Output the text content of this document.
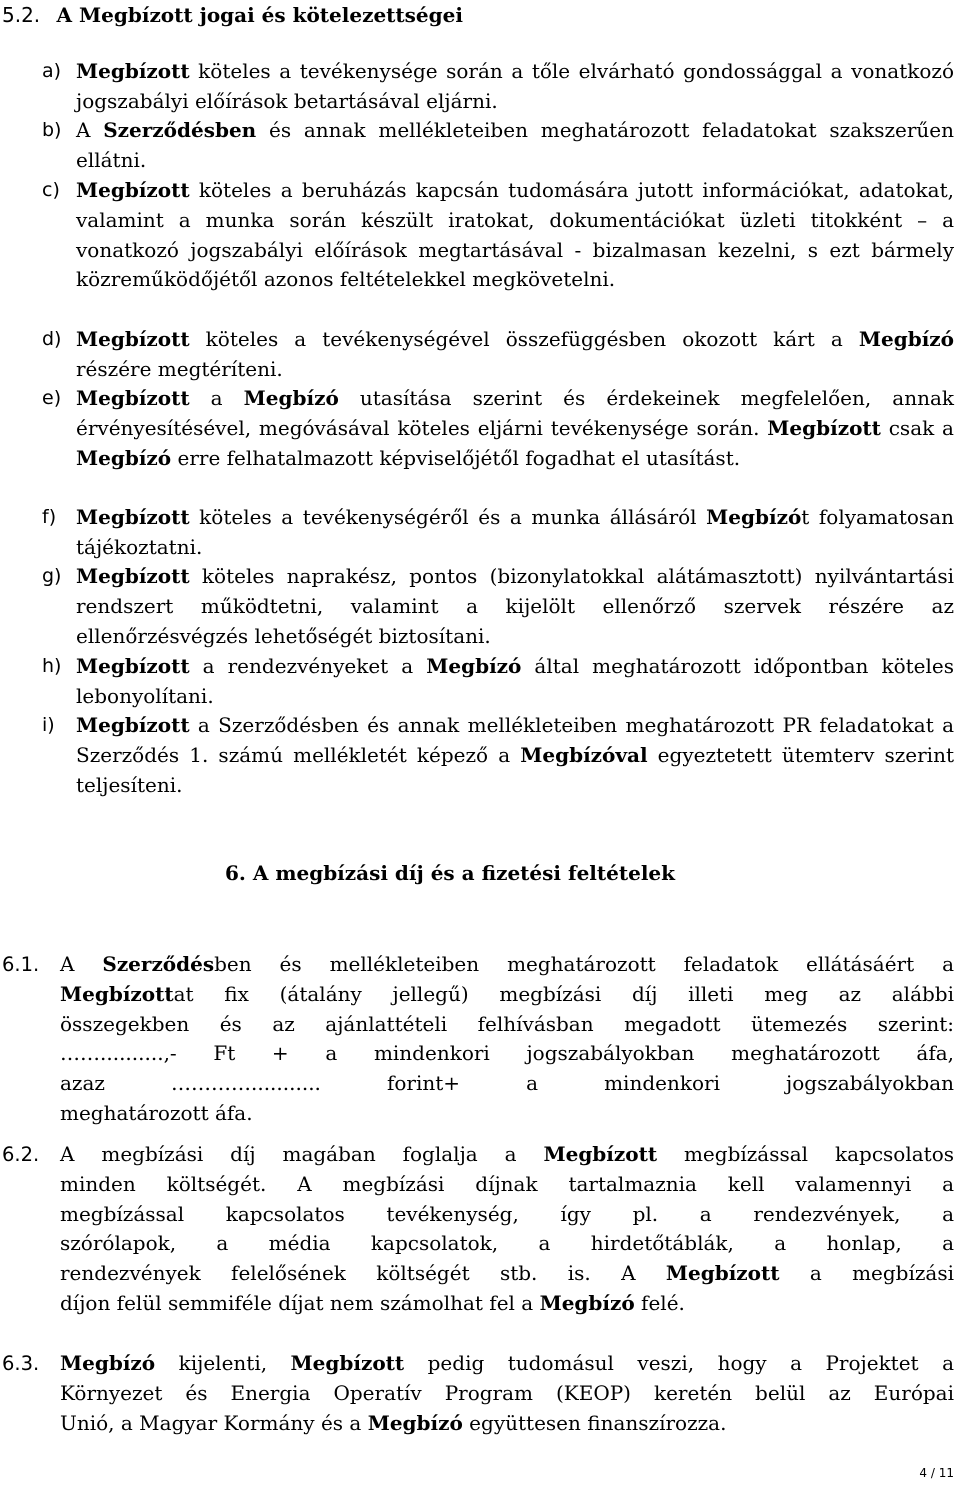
5.2. A Megbízott jogai és kötelezettségei
a) Megbízott köteles a tevékenysége során a tőle elvárható gondossággal a vonatkozó jogszabályi előírások betartásával eljárni.
b) A Szerződésben és annak mellékleteiben meghatározott feladatokat szakszerűen ellátni.
c) Megbízott köteles a beruházás kapcsán tudomására jutott információkat, adatokat, valamint a munka során készült iratokat, dokumentációkat üzleti titokként – a vonatkozó jogszabályi előírások megtartásával - bizalmasan kezelni, s ezt bármely közreműködőjétől azonos feltételekkel megkövetelni.
d) Megbízott köteles a tevékenységével összefüggésben okozott kárt a Megbízó részére megtéríteni.
e) Megbízott a Megbízó utasítása szerint és érdekeinek megfelelően, annak érvényesítésével, megóvásával köteles eljárni tevékenysége során. Megbízott csak a Megbízó erre felhatalmazott képviselőjétől fogadhat el utasítást.
f) Megbízott köteles a tevékenységéről és a munka állásáról Megbízót folyamatosan tájékoztatni.
g) Megbízott köteles naprakész, pontos (bizonylatokkal alátámasztott) nyilvántartási rendszert működtetni, valamint a kijelölt ellenőrző szervek részére az ellenőrzésvégzés lehetőségét biztosítani.
h) Megbízott a rendezvényeket a Megbízó által meghatározott időpontban köteles lebonyolítani.
i)	Megbízott a Szerződésben és annak mellékleteiben meghatározott PR feladatokat a Szerződés 1. számú mellékletét képező a Megbízóval egyeztetett ütemterv szerint teljesíteni.
6. A megbízási díj és a fizetési feltételek
6.1.	A Szerződésben és mellékleteiben meghatározott feladatok ellátásáért a
Megbízottat fix (átalány jellegű) megbízási díj illeti meg az alábbi
összegekben és az ajánlattételi felhívásban megadott ütemezés szerint:
……..........,- Ft + a mindenkori jogszabályokban meghatározott áfa,
azaz …………........... forint+ a mindenkori jogszabályokban
meghatározott áfa.
6.2.	A megbízási díj magában foglalja a Megbízott megbízással kapcsolatos
minden költségét. A megbízási díjnak tartalmaznia kell valamennyi a
megbízással kapcsolatos tevékenység, így pl. a rendezvények, a
szórólapok, a média kapcsolatok, a hirdetőtáblák, a honlap, a
rendezvények felelősének költségét stb. is. A Megbízott a megbízási
díjon felül semmiféle díjat nem számolhat fel a Megbízó felé.
6.3.	Megbízó kijelenti, Megbízott pedig tudomásul veszi, hogy a Projektet a
Környezet és Energia Operatív Program (KEOP) keretén belül az Európai
Unió, a Magyar Kormány és a Megbízó együttesen finanszírozza.
4 / 11
